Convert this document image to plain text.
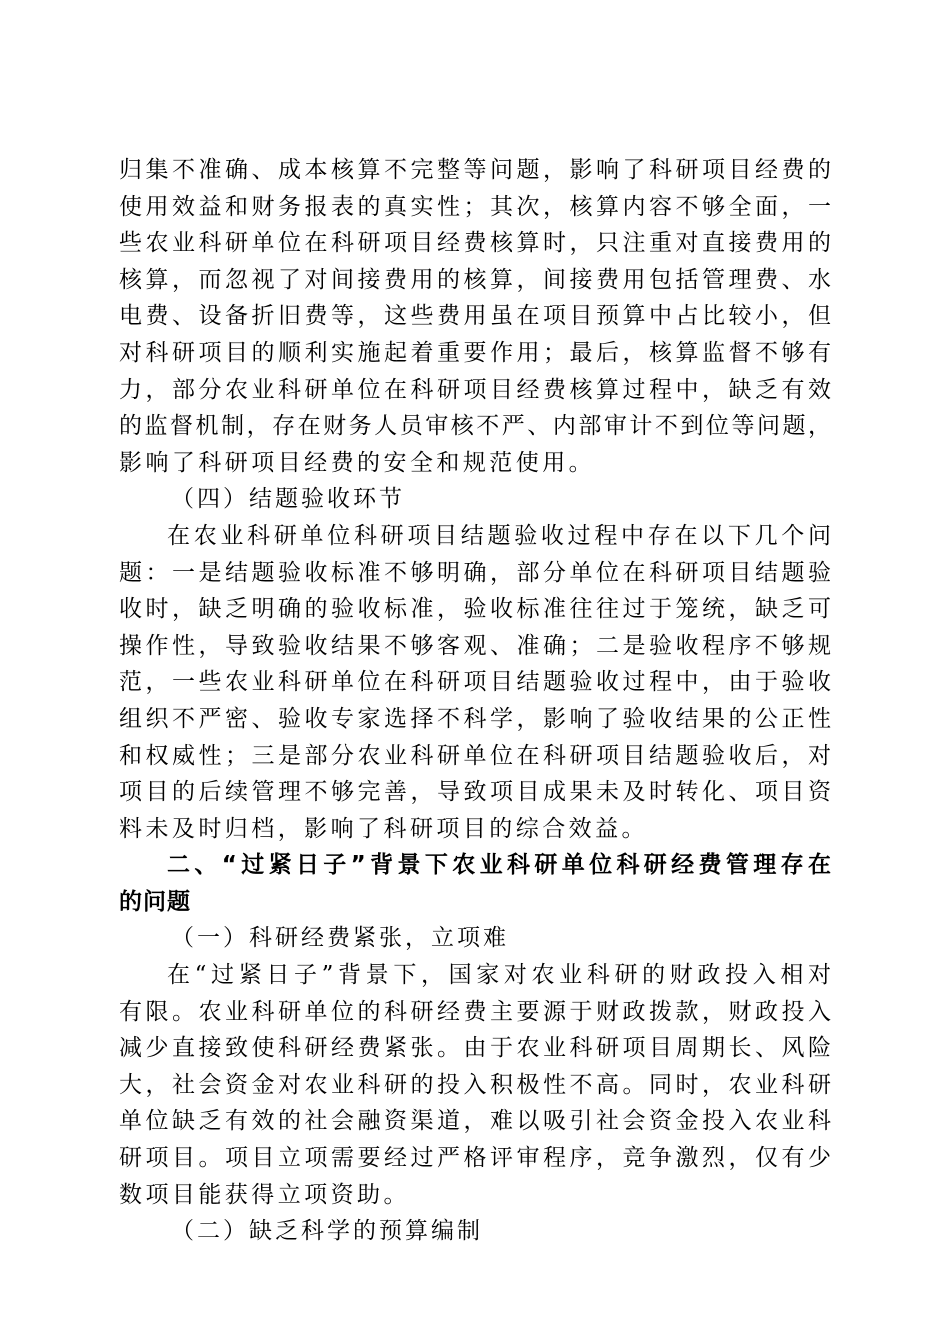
归集不准确、成本核算不完整等问题，影响了科研项目经费的
使用效益和财务报表的真实性；其次，核算内容不够全面，一
些农业科研单位在科研项目经费核算时，只注重对直接费用的
核算，而忽视了对间接费用的核算，间接费用包括管理费、水
电费、设备折旧费等，这些费用虽在项目预算中占比较小，但
对科研项目的顺利实施起着重要作用；最后，核算监督不够有
力，部分农业科研单位在科研项目经费核算过程中，缺乏有效
的监督机制，存在财务人员审核不严、内部审计不到位等问题，
影响了科研项目经费的安全和规范使用。
（四）结题验收环节
在农业科研单位科研项目结题验收过程中存在以下几个问
题：一是结题验收标准不够明确，部分单位在科研项目结题验
收时，缺乏明确的验收标准，验收标准往往过于笼统，缺乏可
操作性，导致验收结果不够客观、准确；二是验收程序不够规
范，一些农业科研单位在科研项目结题验收过程中，由于验收
组织不严密、验收专家选择不科学，影响了验收结果的公正性
和权威性；三是部分农业科研单位在科研项目结题验收后，对
项目的后续管理不够完善，导致项目成果未及时转化、项目资
料未及时归档，影响了科研项目的综合效益。
二、“过紧日子”背景下农业科研单位科研经费管理存在
的问题
（一）科研经费紧张，立项难
在“过紧日子”背景下，国家对农业科研的财政投入相对
有限。农业科研单位的科研经费主要源于财政拨款，财政投入
减少直接致使科研经费紧张。由于农业科研项目周期长、风险
大，社会资金对农业科研的投入积极性不高。同时，农业科研
单位缺乏有效的社会融资渠道，难以吸引社会资金投入农业科
研项目。项目立项需要经过严格评审程序，竞争激烈，仅有少
数项目能获得立项资助。
（二）缺乏科学的预算编制
